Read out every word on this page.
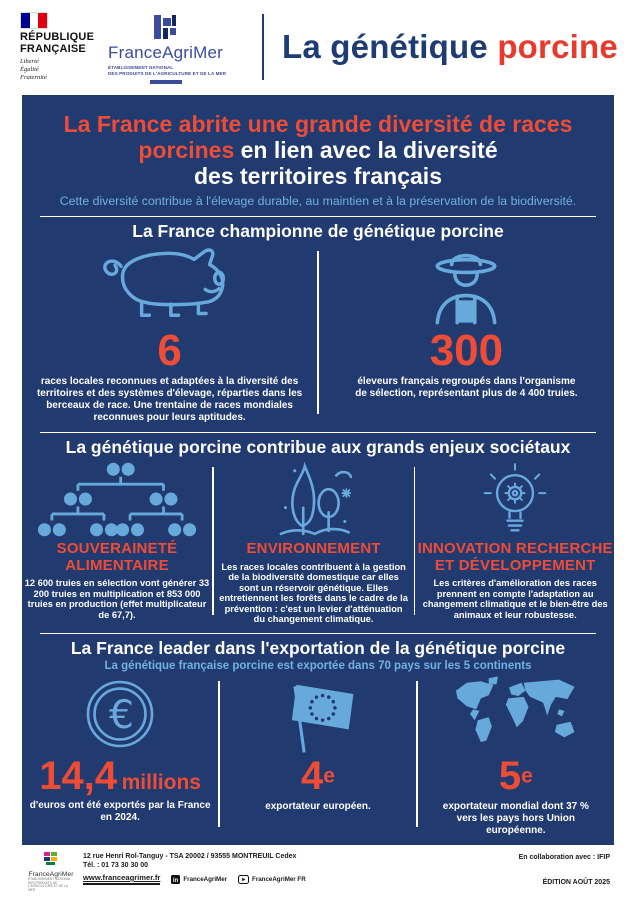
RÉPUBLIQUE
FRANÇAISE
Liberté
Égalité
Fraternité
FranceAgriMer
ÉTABLISSEMENT NATIONAL
DES PRODUITS DE L'AGRICULTURE ET DE LA MER
La génétique porcine
La France abrite une grande diversité de races
porcines en lien avec la diversité
des territoires français
Cette diversité contribue à l'élevage durable, au maintien et à la préservation de la biodiversité.
La France championne de génétique porcine
6
races locales reconnues et adaptées à la diversité des territoires et des systèmes d'élevage, réparties dans les berceaux de race. Une trentaine de races mondiales reconnues pour leurs aptitudes.
300
éleveurs français regroupés dans l'organisme de sélection, représentant plus de 4 400 truies.
La génétique porcine contribue aux grands enjeux sociétaux
SOUVERAINETÉ ALIMENTAIRE
12 600 truies en sélection vont générer 33 200 truies en multiplication et 853 000 truies en production (effet multiplicateur de 67,7).
ENVIRONNEMENT
Les races locales contribuent à la gestion de la biodiversité domestique car elles sont un réservoir génétique. Elles entretiennent les forêts dans le cadre de la prévention : c'est un levier d'atténuation du changement climatique.
INNOVATION RECHERCHE ET DÉVELOPPEMENT
Les critères d'amélioration des races prennent en compte l'adaptation au changement climatique et le bien-être des animaux et leur robustesse.
La France leader dans l'exportation de la génétique porcine
La génétique française porcine est exportée dans 70 pays sur les 5 continents
€
14,4 millions
d'euros ont été exportés par la France en 2024.
4e
exportateur européen.
5e
exportateur mondial dont 37 % vers les pays hors Union européenne.
FranceAgriMer
ÉTABLISSEMENT NATIONAL DES PRODUITS DE L'AGRICULTURE ET DE LA MER
12 rue Henri Rol-Tanguy - TSA 20002 / 93555 MONTREUIL Cedex
Tél. : 01 73 30 30 00
www.franceagrimer.fr in FranceAgriMer	FranceAgriMer FR
En collaboration avec : IFIP
ÉDITION AOÛT 2025
